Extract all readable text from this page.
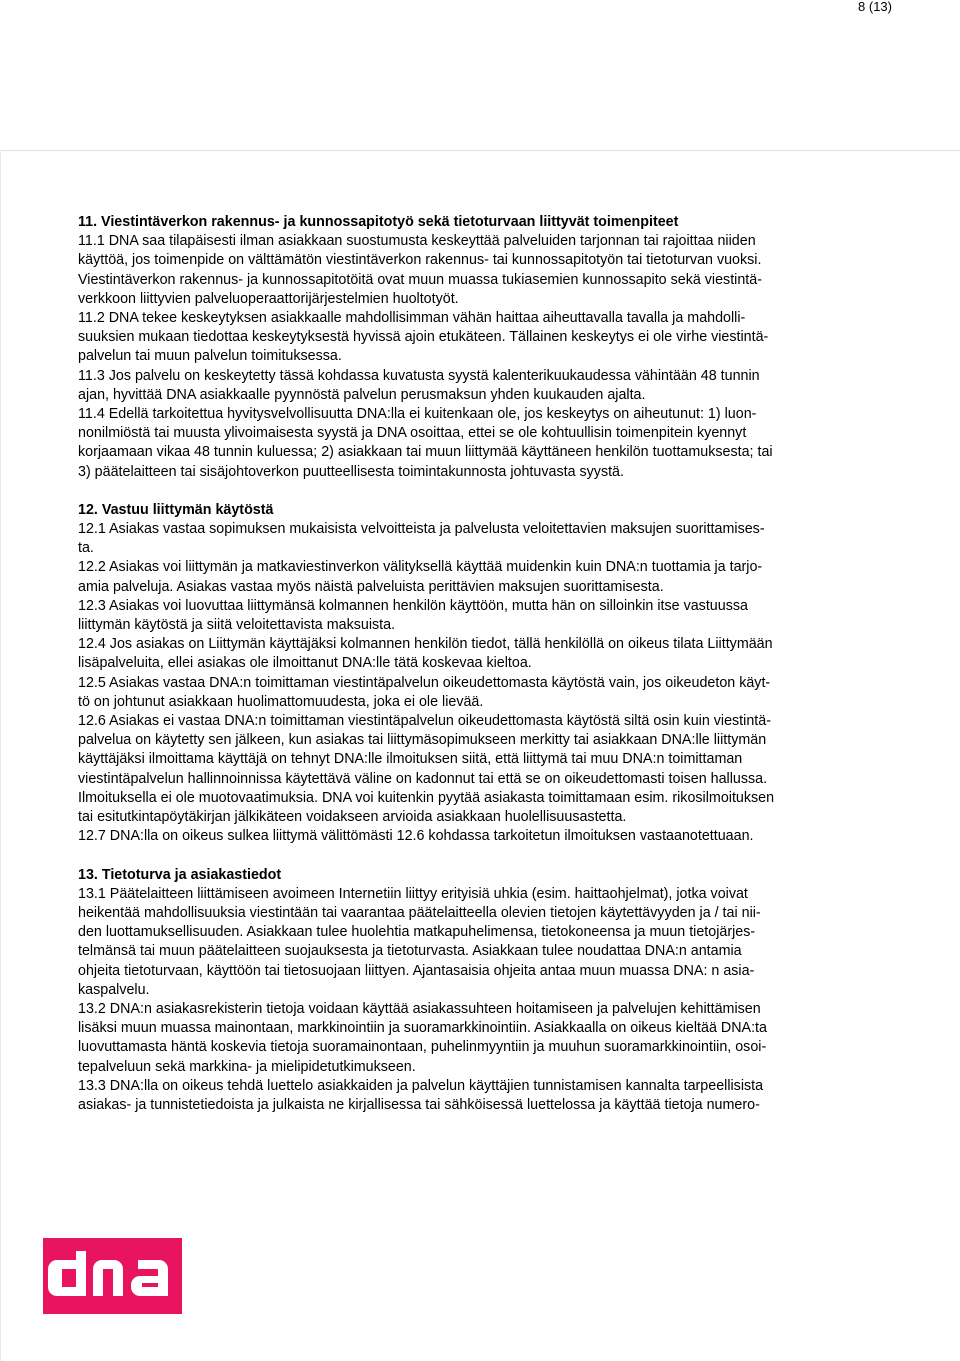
8 (13)

11. Viestintäverkon rakennus- ja kunnossapitotyö sekä tietoturvaan liittyvät toimenpiteet

11.1 DNA saa tilapäisesti ilman asiakkaan suostumusta keskeyttää palveluiden tarjonnan tai rajoittaa niiden

käyttöä, jos toimenpide on välttämätön viestintäverkon rakennus- tai kunnossapitotyön tai tietoturvan vuoksi.

Viestintäverkon rakennus- ja kunnossapitotöitä ovat muun muassa tukiasemien kunnossapito sekä viestintä-

verkkoon liittyvien palveluoperaattorijärjestelmien huoltotyöt.

11.2 DNA tekee keskeytyksen asiakkaalle mahdollisimman vähän haittaa aiheuttavalla tavalla ja mahdolli-

suuksien mukaan tiedottaa keskeytyksestä hyvissä ajoin etukäteen. Tällainen keskeytys ei ole virhe viestintä-

palvelun tai muun palvelun toimituksessa.

11.3 Jos palvelu on keskeytetty tässä kohdassa kuvatusta syystä kalenterikuukaudessa vähintään 48 tunnin

ajan, hyvittää DNA asiakkaalle pyynnöstä palvelun perusmaksun yhden kuukauden ajalta.

11.4 Edellä tarkoitettua hyvitysvelvollisuutta DNA:lla ei kuitenkaan ole, jos keskeytys on aiheutunut: 1) luon-

nonilmiöstä tai muusta ylivoimaisesta syystä ja DNA osoittaa, ettei se ole kohtuullisin toimenpitein kyennyt

korjaamaan vikaa 48 tunnin kuluessa; 2) asiakkaan tai muun liittymää käyttäneen henkilön tuottamuksesta; tai

3) päätelaitteen tai sisäjohtoverkon puutteellisesta toimintakunnosta johtuvasta syystä.

12. Vastuu liittymän käytöstä

12.1 Asiakas vastaa sopimuksen mukaisista velvoitteista ja palvelusta veloitettavien maksujen suorittamises-

ta.

12.2 Asiakas voi liittymän ja matkaviestinverkon välityksellä käyttää muidenkin kuin DNA:n tuottamia ja tarjo-

amia palveluja. Asiakas vastaa myös näistä palveluista perittävien maksujen suorittamisesta.

12.3 Asiakas voi luovuttaa liittymänsä kolmannen henkilön käyttöön, mutta hän on silloinkin itse vastuussa

liittymän käytöstä ja siitä veloitettavista maksuista.

12.4 Jos asiakas on Liittymän käyttäjäksi kolmannen henkilön tiedot, tällä henkilöllä on oikeus tilata Liittymään

lisäpalveluita, ellei asiakas ole ilmoittanut DNA:lle tätä koskevaa kieltoa.

12.5 Asiakas vastaa DNA:n toimittaman viestintäpalvelun oikeudettomasta käytöstä vain, jos oikeudeton käyt-

tö on johtunut asiakkaan huolimattomuudesta, joka ei ole lievää.

12.6 Asiakas ei vastaa DNA:n toimittaman viestintäpalvelun oikeudettomasta käytöstä siltä osin kuin viestintä-

palvelua on käytetty sen jälkeen, kun asiakas tai liittymäsopimukseen merkitty tai asiakkaan DNA:lle liittymän

käyttäjäksi ilmoittama käyttäjä on tehnyt DNA:lle ilmoituksen siitä, että liittymä tai muu DNA:n toimittaman

viestintäpalvelun hallinnoinnissa käytettävä väline on kadonnut tai että se on oikeudettomasti toisen hallussa.

Ilmoituksella ei ole muotovaatimuksia. DNA voi kuitenkin pyytää asiakasta toimittamaan esim. rikosilmoituksen

tai esitutkintapöytäkirjan jälkikäteen voidakseen arvioida asiakkaan huolellisuusastetta.

12.7 DNA:lla on oikeus sulkea liittymä välittömästi 12.6 kohdassa tarkoitetun ilmoituksen vastaanotettuaan.

13. Tietoturva ja asiakastiedot

13.1 Päätelaitteen liittämiseen avoimeen Internetiin liittyy erityisiä uhkia (esim. haittaohjelmat), jotka voivat

heikentää mahdollisuuksia viestintään tai vaarantaa päätelaitteella olevien tietojen käytettävyyden ja / tai nii-

den luottamuksellisuuden. Asiakkaan tulee huolehtia matkapuhelimensa, tietokoneensa ja muun tietojärjes-

telmänsä tai muun päätelaitteen suojauksesta ja tietoturvasta. Asiakkaan tulee noudattaa DNA:n antamia

ohjeita tietoturvaan, käyttöön tai tietosuojaan liittyen. Ajantasaisia ohjeita antaa muun muassa DNA: n asia-

kaspalvelu.

13.2 DNA:n asiakasrekisterin tietoja voidaan käyttää asiakassuhteen hoitamiseen ja palvelujen kehittämisen

lisäksi muun muassa mainontaan, markkinointiin ja suoramarkkinointiin. Asiakkaalla on oikeus kieltää DNA:ta

luovuttamasta häntä koskevia tietoja suoramainontaan, puhelinmyyntiin ja muuhun suoramarkkinointiin, osoi-

tepalveluun sekä markkina- ja mielipidetutkimukseen.

13.3 DNA:lla on oikeus tehdä luettelo asiakkaiden ja palvelun käyttäjien tunnistamisen kannalta tarpeellisista

asiakas- ja tunnistetiedoista ja julkaista ne kirjallisessa tai sähköisessä luettelossa ja käyttää tietoja numero-
